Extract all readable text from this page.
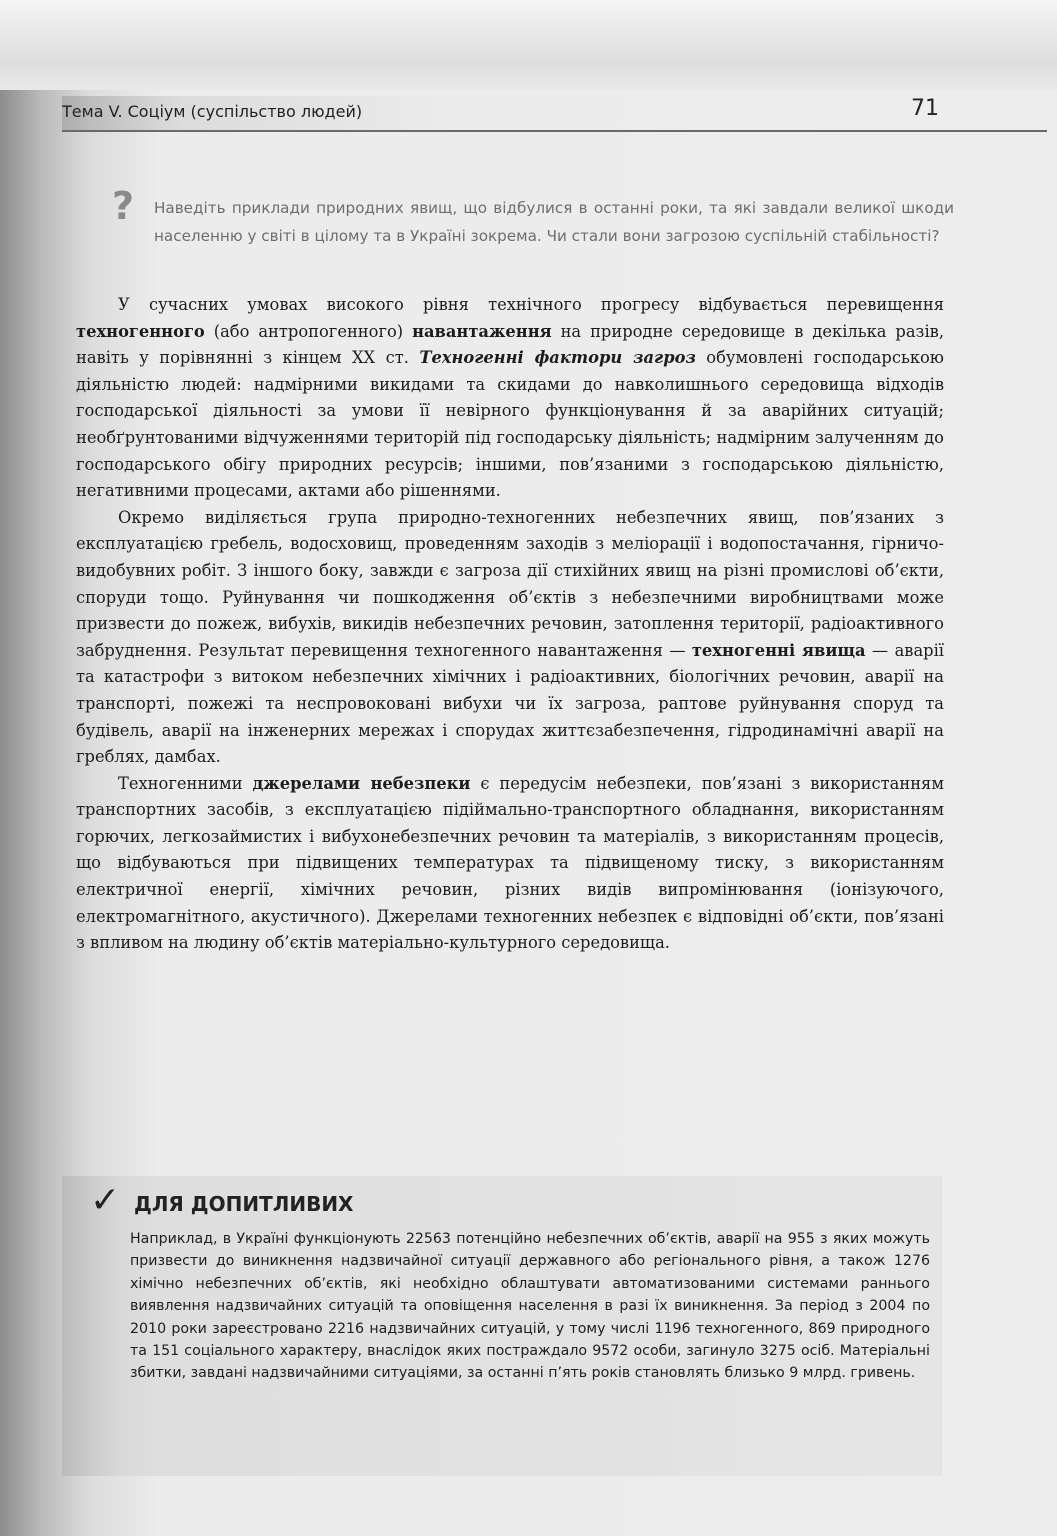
Тема V. Соціум (суспільство людей)	71
? Наведіть приклади природних явищ, що відбулися в останні роки, та які завдали великої шкоди населенню у світі в цілому та в Україні зокрема. Чи стали вони загрозою суспільній стабільності?

У сучасних умовах високого рівня технічного прогресу відбувається перевищення техногенного (або антропогенного) навантаження на природне середовище в декілька разів, навіть у порівнянні з кінцем XX ст. Техногенні фактори загроз обумовлені господарською діяльністю людей: надмірними викидами та скидами до навколишнього середовища відходів господарської діяльності за умови її невірного функціонування й за аварійних ситуацій; необґрунтованими відчуженнями територій під господарську діяльність; надмірним залученням до господарського обігу природних ресурсів; іншими, пов’язаними з господарською діяльністю, негативними процесами, актами або рішеннями.

Окремо виділяється група природно-техногенних небезпечних явищ, пов’язаних з експлуатацією гребель, водосховищ, проведенням заходів з меліорації і водопостачання, гірничо-видобувних робіт. З іншого боку, завжди є загроза дії стихійних явищ на різні промислові об’єкти, споруди тощо. Руйнування чи пошкодження об’єктів з небезпечними виробництвами може призвести до пожеж, вибухів, викидів небезпечних речовин, затоплення території, радіоактивного забруднення. Результат перевищення техногенного навантаження — техногенні явища — аварії та катастрофи з витоком небезпечних хімічних і радіоактивних, біологічних речовин, аварії на транспорті, пожежі та неспровоковані вибухи чи їх загроза, раптове руйнування споруд та будівель, аварії на інженерних мережах і спорудах життєзабезпечення, гідродинамічні аварії на греблях, дамбах.

Техногенними джерелами небезпеки є передусім небезпеки, пов’язані з використанням транспортних засобів, з експлуатацією підіймально-транспортного обладнання, використанням горючих, легкозаймистих і вибухонебезпечних речовин та матеріалів, з використанням процесів, що відбуваються при підвищених температурах та підвищеному тиску, з використанням електричної енергії, хімічних речовин, різних видів випромінювання (іонізуючого, електромагнітного, акустичного). Джерелами техногенних небезпек є відповідні об’єкти, пов’язані з впливом на людину об’єктів матеріально-культурного середовища.

✓ ДЛЯ ДОПИТЛИВИХ
Наприклад, в Україні функціонують 22563 потенційно небезпечних об’єктів, аварії на 955 з яких можуть призвести до виникнення надзвичайної ситуації державного або регіонального рівня, а також 1276 хімічно небезпечних об’єктів, які необхідно облаштувати автоматизованими системами раннього виявлення надзвичайних ситуацій та оповіщення населення в разі їх виникнення. За період з 2004 по 2010 роки зареєстровано 2216 надзвичайних ситуацій, у тому числі 1196 техногенного, 869 природного та 151 соціального характеру, внаслідок яких постраждало 9572 особи, загинуло 3275 осіб. Матеріальні збитки, завдані надзвичайними ситуаціями, за останні п’ять років становлять близько 9 млрд. гривень.
